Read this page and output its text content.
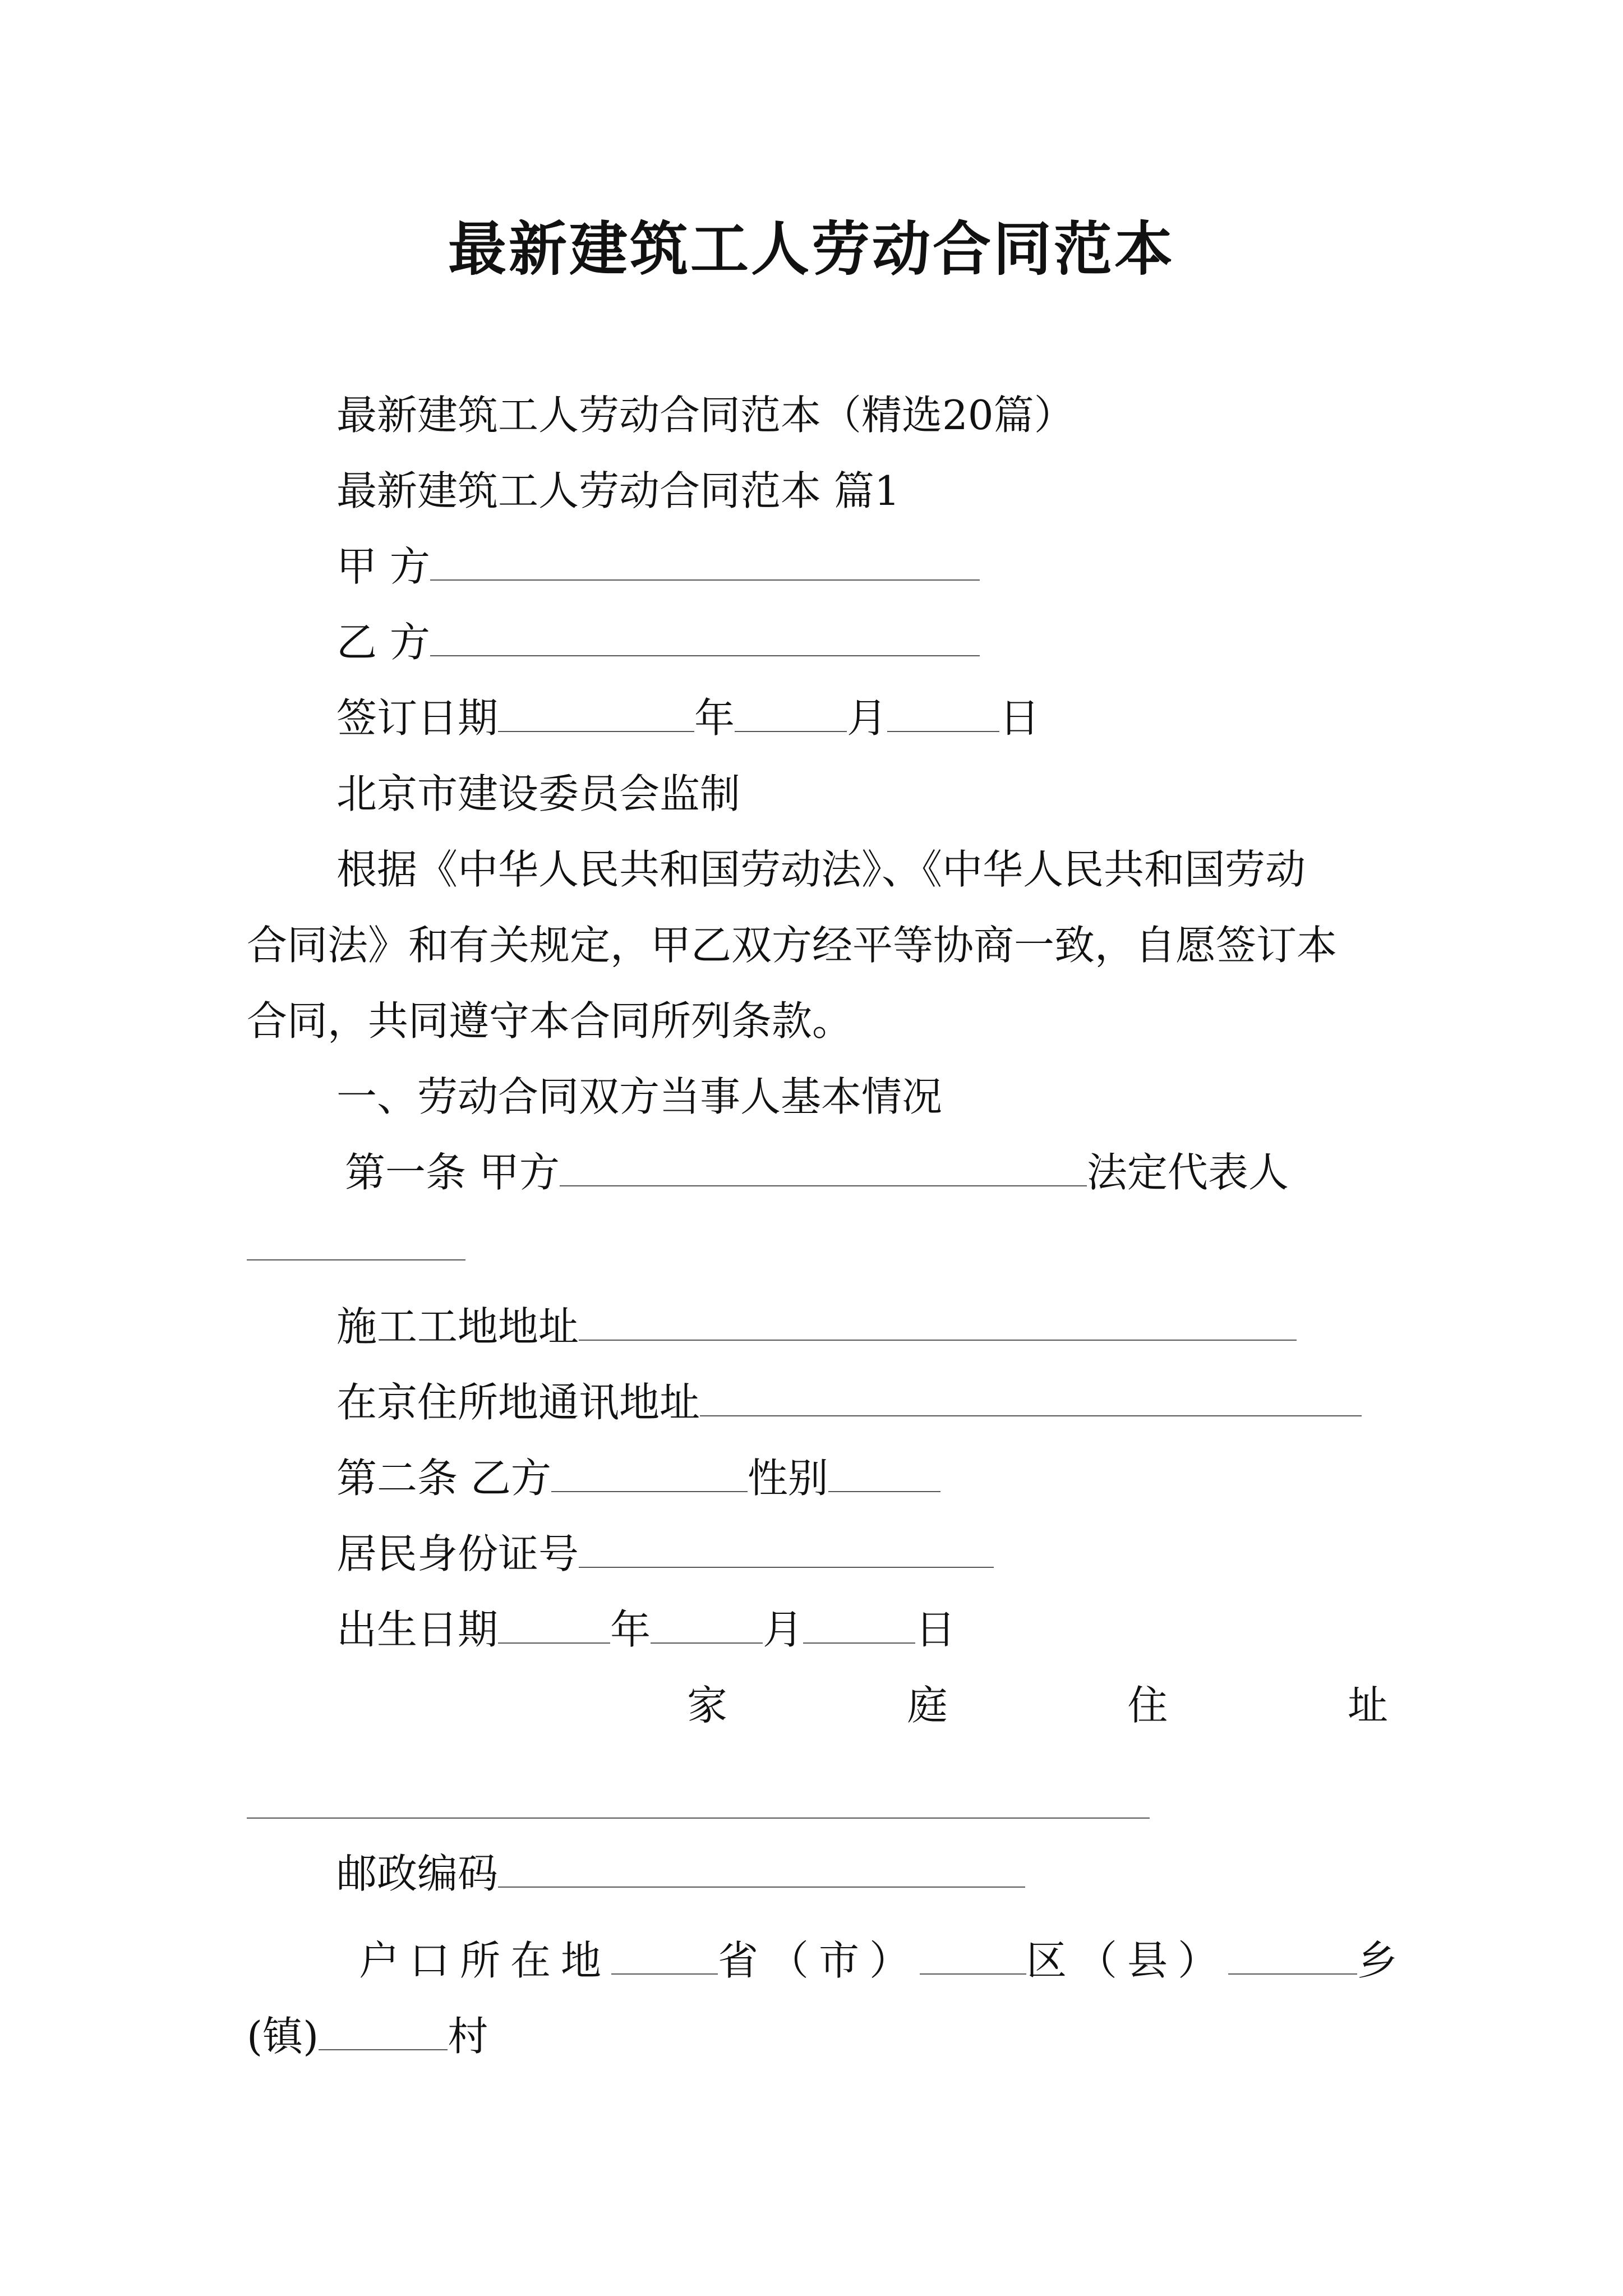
最新建筑工人劳动合同范本
最新建筑工人劳动合同范本（精选20篇）
最新建筑工人劳动合同范本 篇1
甲 方
乙 方
签订日期	年	月	日
北京市建设委员会监制
根据《中华人民共和国劳动法》、《中华人民共和国劳动
合同法》和有关规定，甲乙双方经平等协商一致，自愿签订本
合同，共同遵守本合同所列条款。
一、劳动合同双方当事人基本情况
第一条 甲方	法定代表人
施工工地地址
在京住所地通讯地址
第二条 乙方	性别
居民身份证号
出生日期	年	月	日
家	庭	住	址
邮政编码
户口所在地	省（市）	区（县）	乡
(镇)	村
